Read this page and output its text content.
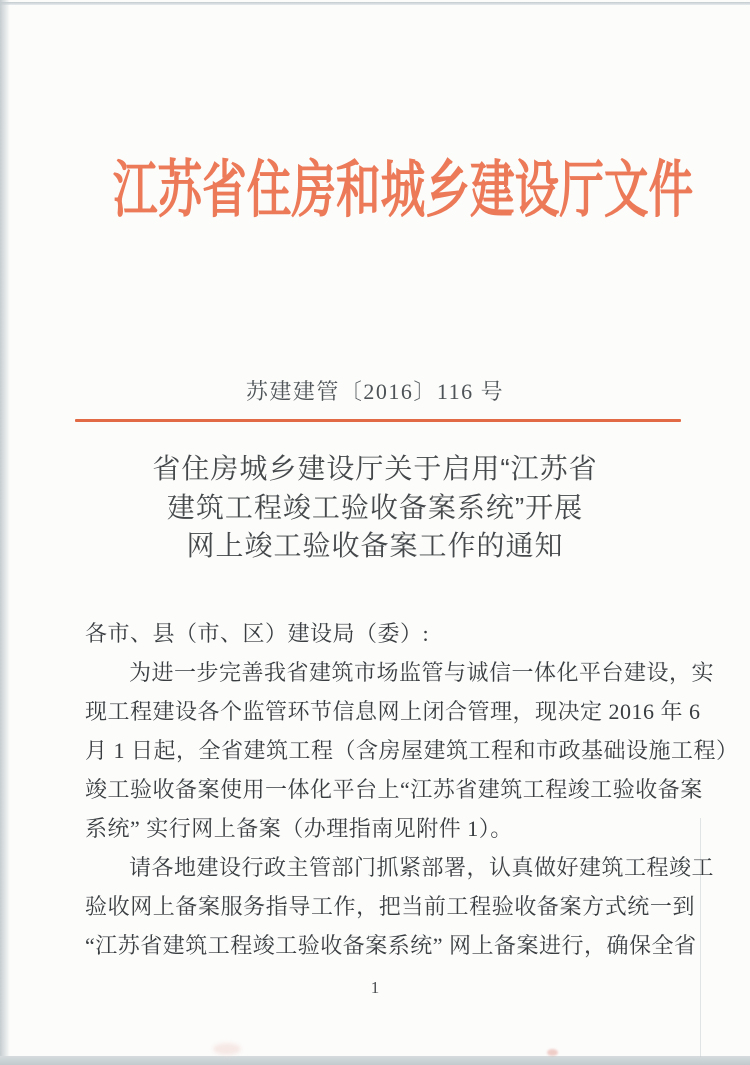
江苏省住房和城乡建设厅文件
苏建建管〔2016〕116 号
省住房城乡建设厅关于启用“江苏省
建筑工程竣工验收备案系统”开展
网上竣工验收备案工作的通知
各市、县（市、区）建设局（委）:
为进一步完善我省建筑市场监管与诚信一体化平台建设，实
现工程建设各个监管环节信息网上闭合管理，现决定 2016 年 6
月 1 日起，全省建筑工程（含房屋建筑工程和市政基础设施工程）
竣工验收备案使用一体化平台上“江苏省建筑工程竣工验收备案
系统” 实行网上备案（办理指南见附件 1）。
请各地建设行政主管部门抓紧部署，认真做好建筑工程竣工
验收网上备案服务指导工作，把当前工程验收备案方式统一到
“江苏省建筑工程竣工验收备案系统” 网上备案进行，确保全省
1
